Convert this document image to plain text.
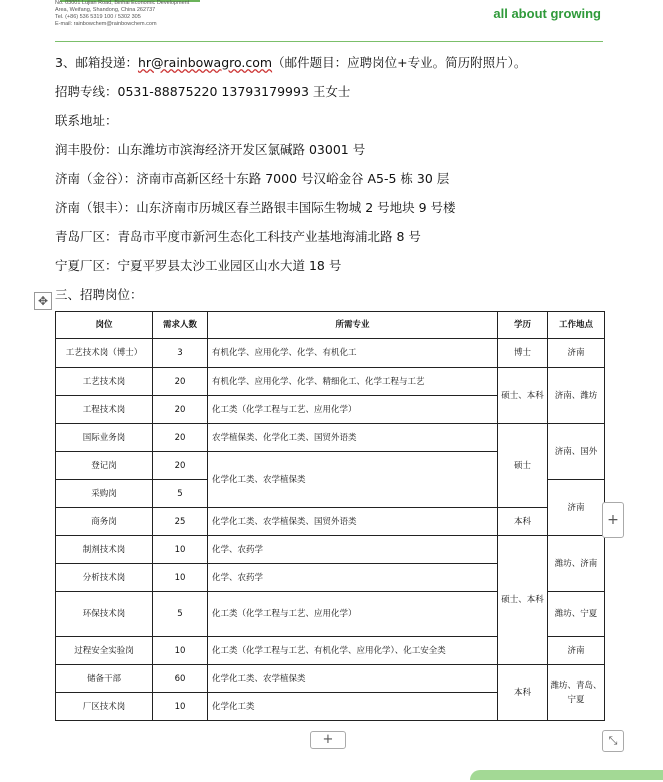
No. 03001 Lujian Road, Binhai Economic Development
Area, Weifang, Shandong, China 262737
Tel. (+86) 536 5319 100 / 5302 305
E-mail: rainbowchem@rainbowchem.com
all about growing
3、邮箱投递：hr@rainbowagro.com（邮件题目：应聘岗位+专业。简历附照片）。
招聘专线：0531-88875220 13793179993 王女士
联系地址：
润丰股份：山东潍坊市滨海经济开发区氯碱路 03001 号
济南（金谷）：济南市高新区经十东路 7000 号汉峪金谷 A5-5 栋 30 层
济南（银丰）：山东济南市历城区春兰路银丰国际生物城 2 号地块 9 号楼
青岛厂区：青岛市平度市新河生态化工科技产业基地海浦北路 8 号
宁夏厂区：宁夏平罗县太沙工业园区山水大道 18 号
✥ 三、招聘岗位：
岗位	需求人数	所需专业	学历	工作地点
工艺技术岗（博士）	3	有机化学、应用化学、化学、有机化工	博士	济南
工艺技术岗	20	有机化学、应用化学、化学、精细化工、化学工程与工艺	硕士、本科	济南、潍坊
工程技术岗	20	化工类（化学工程与工艺、应用化学）		
国际业务岗	20	农学植保类、化学化工类、国贸外语类	硕士	济南、国外
登记岗	20	化学化工类、农学植保类		
采购岗	5			济南
商务岗	25	化学化工类、农学植保类、国贸外语类	本科	
制剂技术岗	10	化学、农药学	硕士、本科	潍坊、济南
分析技术岗	10	化学、农药学		
环保技术岗	5	化工类（化学工程与工艺、应用化学）		潍坊、宁夏
过程安全实验岗	10	化工类（化学工程与工艺、有机化学、应用化学）、化工安全类		济南
储备干部	60	化学化工类、农学植保类	本科	潍坊、青岛、宁夏
厂区技术岗	10	化学化工类		
+
+	⤡
